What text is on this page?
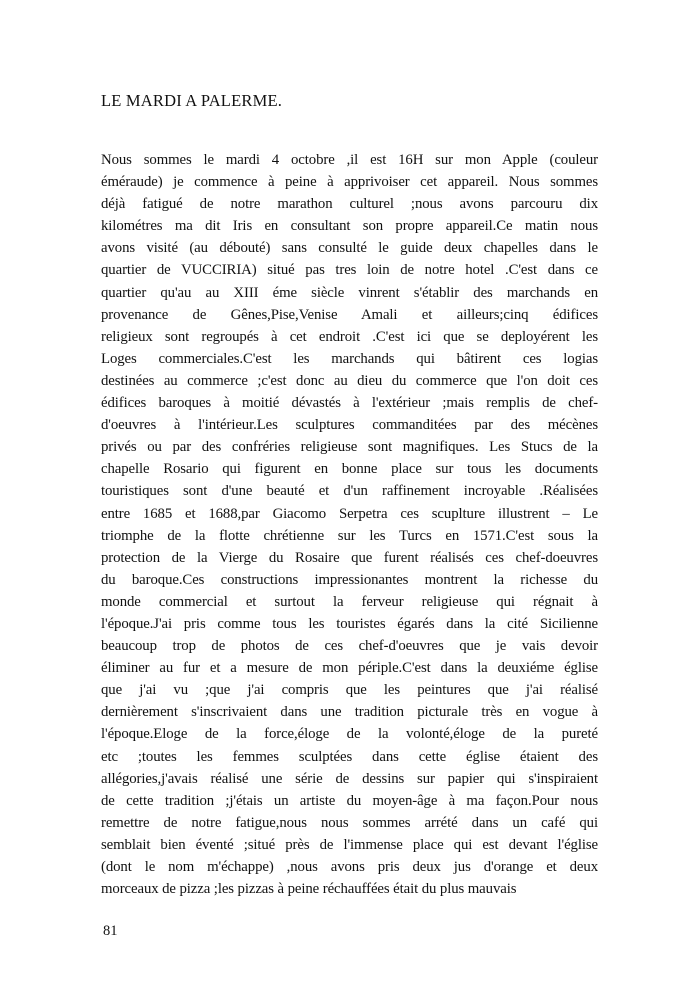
LE MARDI A PALERME.
Nous sommes le mardi 4 octobre ,il est 16H sur mon Apple (couleur
éméraude) je commence à peine à apprivoiser cet appareil. Nous sommes
déjà fatigué de notre marathon culturel ;nous avons parcouru dix
kilométres ma dit Iris en consultant son propre appareil.Ce matin nous
avons visité (au débouté) sans consulté le guide deux chapelles dans le
quartier de VUCCIRIA) situé pas tres loin de notre hotel .C'est dans ce
quartier qu'au au XIII éme siècle vinrent s'établir des marchands en
provenance de Gênes,Pise,Venise Amali et ailleurs;cinq édifices
religieux sont regroupés à cet endroit .C'est ici que se deployérent les
Loges commerciales.C'est les marchands qui bâtirent ces logias
destinées au commerce ;c'est donc au dieu du commerce que l'on doit ces
édifices baroques à moitié dévastés à l'extérieur ;mais remplis de chef-
d'oeuvres à l'intérieur.Les sculptures commanditées par des mécènes
privés ou par des confréries religieuse sont magnifiques. Les Stucs de la
chapelle Rosario qui figurent en bonne place sur tous les documents
touristiques sont d'une beauté et d'un raffinement incroyable .Réalisées
entre 1685 et 1688,par Giacomo Serpetra ces scuplture illustrent – Le
triomphe de la flotte chrétienne sur les Turcs en 1571.C'est sous la
protection de la Vierge du Rosaire que furent réalisés ces chef-doeuvres
du baroque.Ces constructions impressionantes montrent la richesse du
monde commercial et surtout la ferveur religieuse qui régnait à
l'époque.J'ai pris comme tous les touristes égarés dans la cité Sicilienne
beaucoup trop de photos de ces chef-d'oeuvres que je vais devoir
éliminer au fur et a mesure de mon périple.C'est dans la deuxiéme église
que j'ai vu ;que j'ai compris que les peintures que j'ai réalisé
dernièrement s'inscrivaient dans une tradition picturale très en vogue à
l'époque.Eloge de la force,éloge de la volonté,éloge de la pureté
etc ;toutes les femmes sculptées dans cette église étaient des
allégories,j'avais réalisé une série de dessins sur papier qui s'inspiraient
de cette tradition ;j'étais un artiste du moyen-âge à ma façon.Pour nous
remettre de notre fatigue,nous nous sommes arrété dans un café qui
semblait bien éventé ;situé près de l'immense place qui est devant l'église
(dont le nom m'échappe) ,nous avons pris deux jus d'orange et deux
morceaux de pizza ;les pizzas à peine réchauffées était du plus mauvais
81
